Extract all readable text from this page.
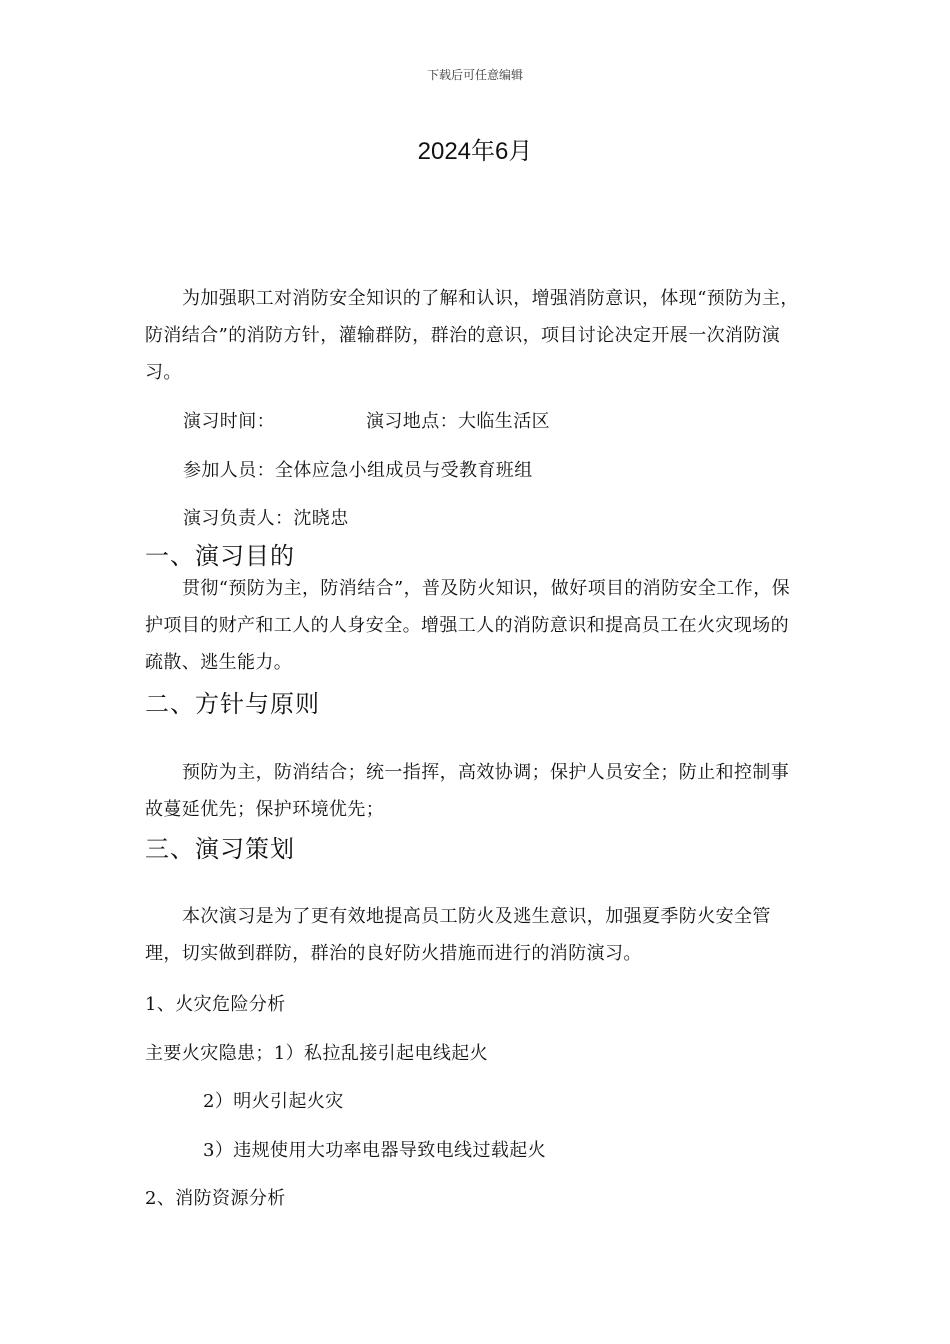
下载后可任意编辑
2024年6月
为加强职工对消防安全知识的了解和认识，增强消防意识，体现“预防为主，防消结合”的消防方针，灌输群防，群治的意识，项目讨论决定开展一次消防演习。
演习时间：	演习地点：大临生活区
参加人员：全体应急小组成员与受教育班组
演习负责人：沈晓忠
一、演习目的
贯彻“预防为主，防消结合”，普及防火知识，做好项目的消防安全工作，保护项目的财产和工人的人身安全。增强工人的消防意识和提高员工在火灾现场的疏散、逃生能力。
二、方针与原则
预防为主，防消结合；统一指挥，高效协调；保护人员安全；防止和控制事故蔓延优先；保护环境优先；
三、演习策划
本次演习是为了更有效地提高员工防火及逃生意识，加强夏季防火安全管理，切实做到群防，群治的良好防火措施而进行的消防演习。
1、火灾危险分析
主要火灾隐患；1）私拉乱接引起电线起火
2）明火引起火灾
3）违规使用大功率电器导致电线过载起火
2、消防资源分析
